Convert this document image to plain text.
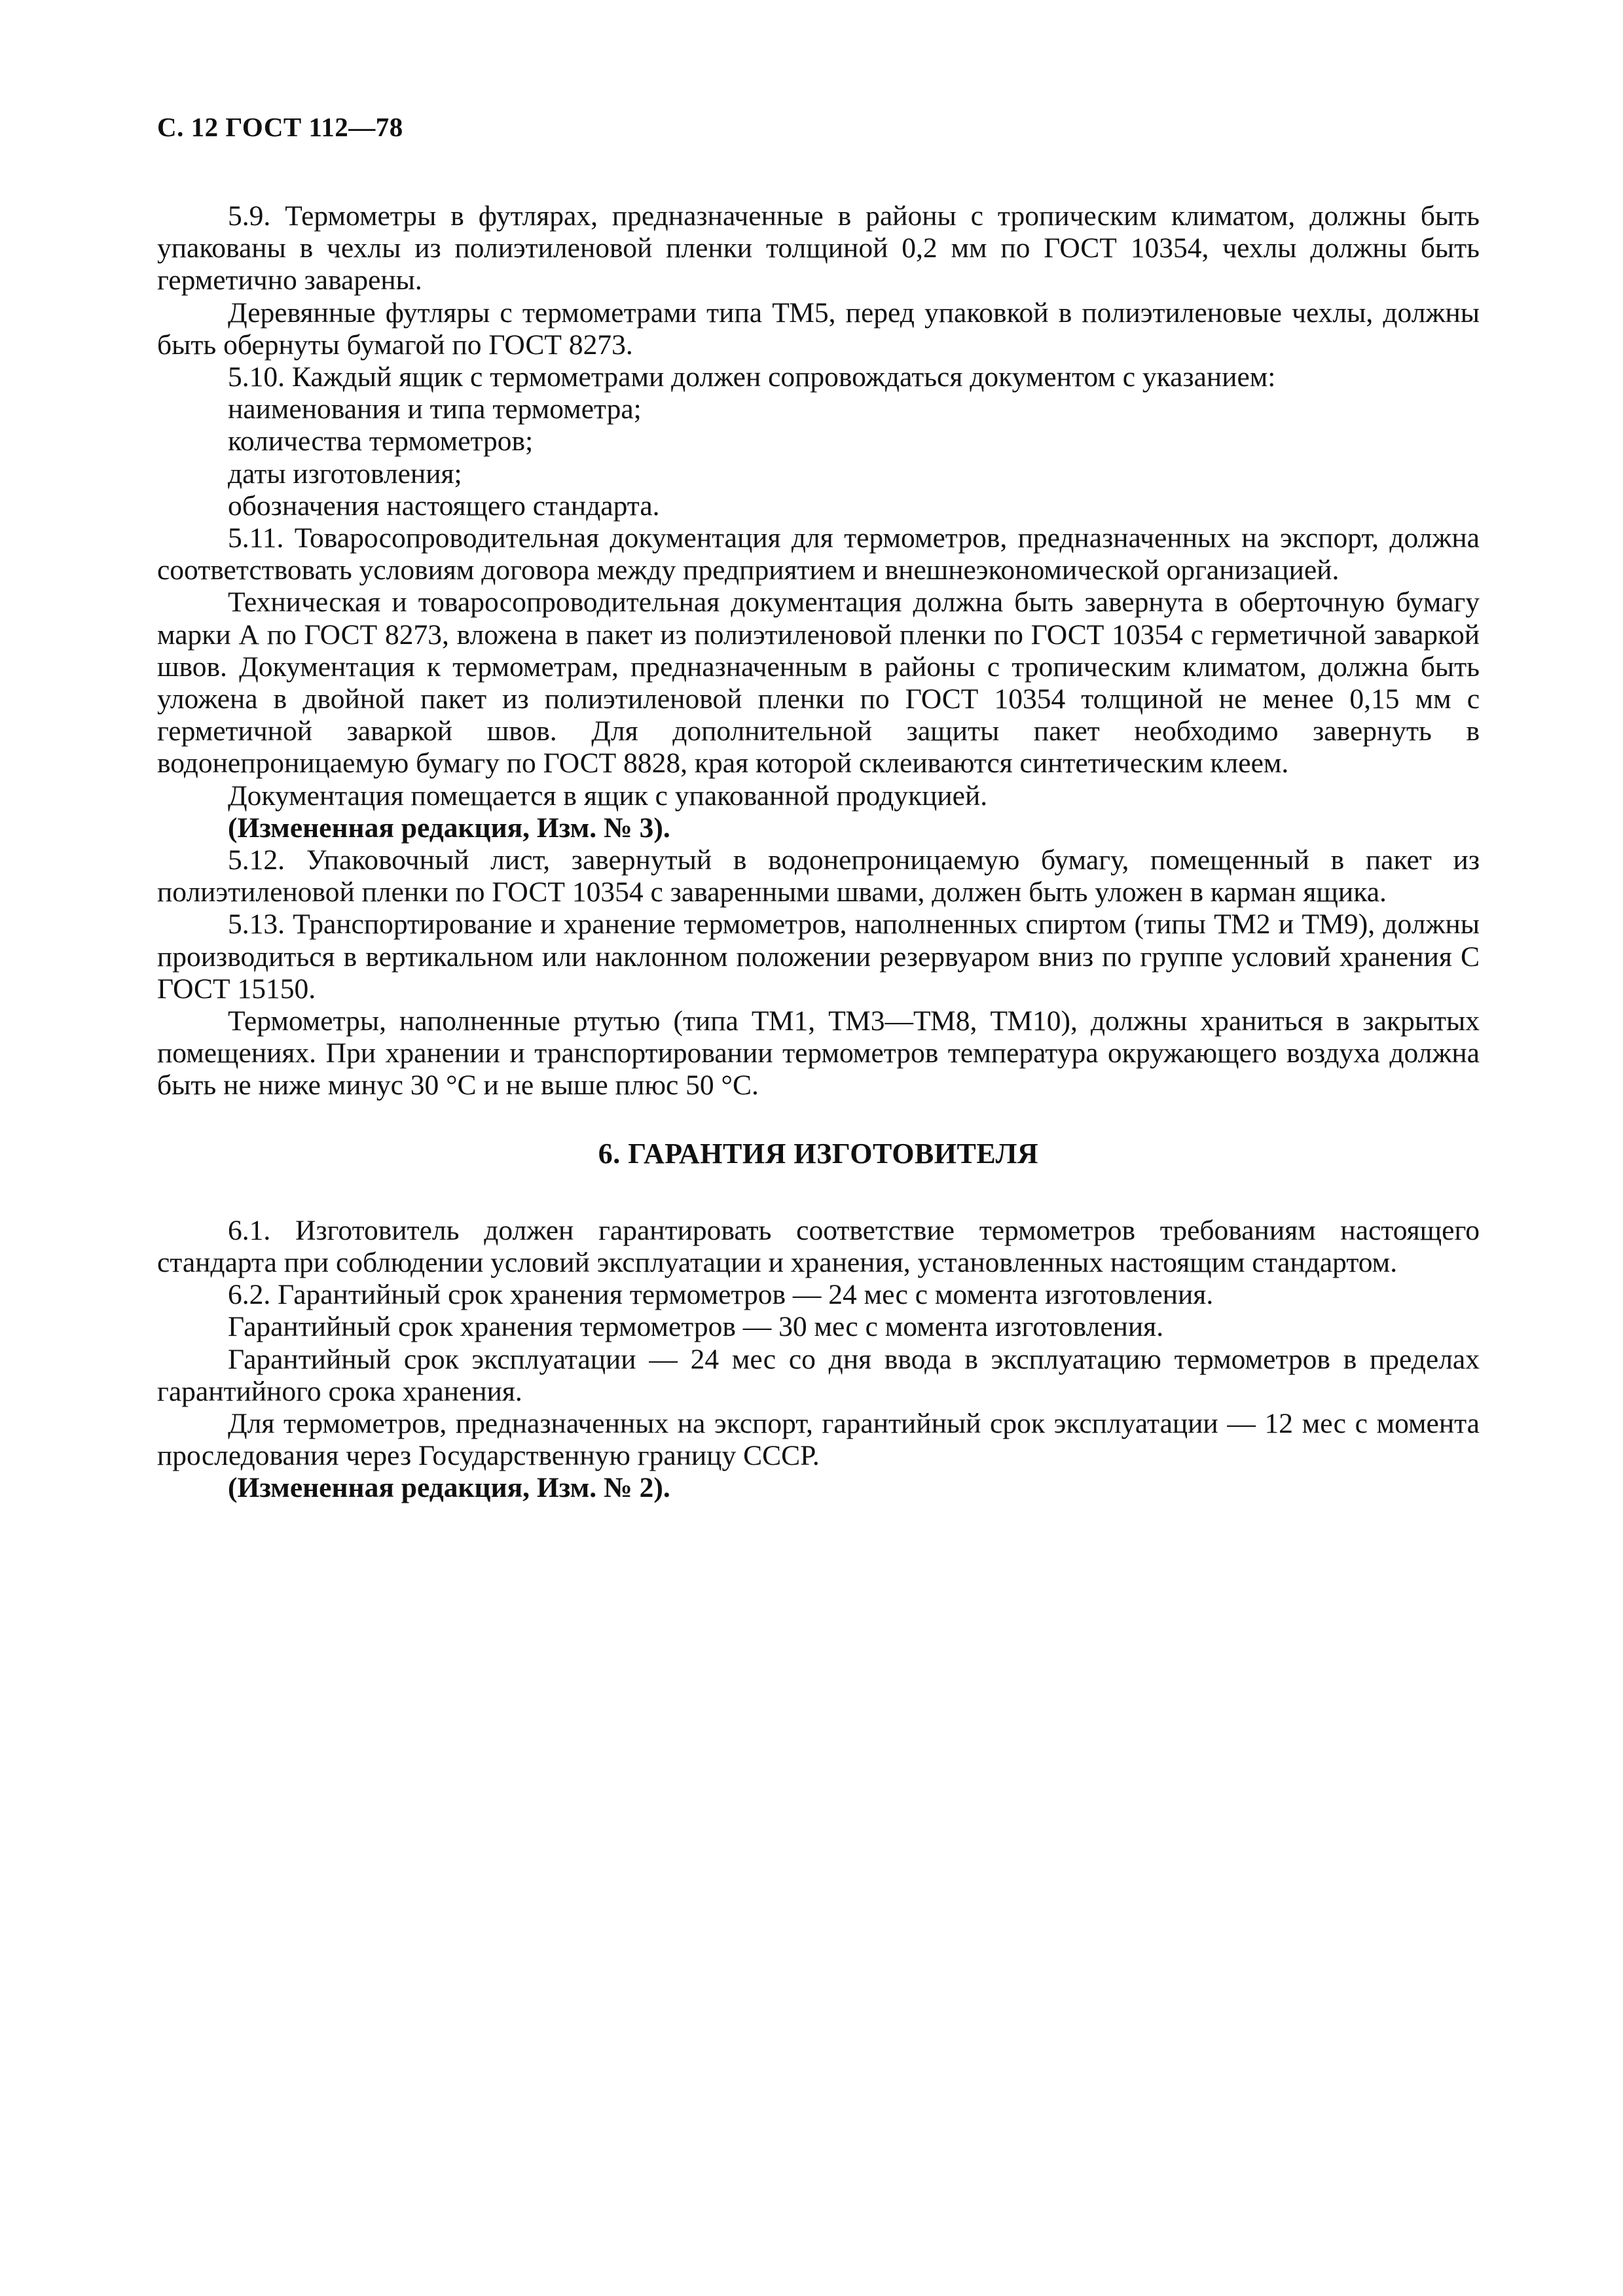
С. 12 ГОСТ 112—78

5.9. Термометры в футлярах, предназначенные в районы с тропическим климатом, должны быть упакованы в чехлы из полиэтиленовой пленки толщиной 0,2 мм по ГОСТ 10354, чехлы должны быть герметично заварены.

Деревянные футляры с термометрами типа ТМ5, перед упаковкой в полиэтиленовые чехлы, должны быть обернуты бумагой по ГОСТ 8273.

5.10. Каждый ящик с термометрами должен сопровождаться документом с указанием:

наименования и типа термометра;

количества термометров;

даты изготовления;

обозначения настоящего стандарта.

5.11. Товаросопроводительная документация для термометров, предназначенных на экспорт, должна соответствовать условиям договора между предприятием и внешнеэкономической организацией.

Техническая и товаросопроводительная документация должна быть завернута в оберточную бумагу марки А по ГОСТ 8273, вложена в пакет из полиэтиленовой пленки по ГОСТ 10354 с герметичной заваркой швов. Документация к термометрам, предназначенным в районы с тропическим климатом, должна быть уложена в двойной пакет из полиэтиленовой пленки по ГОСТ 10354 толщиной не менее 0,15 мм с герметичной заваркой швов. Для дополнительной защиты пакет необходимо завернуть в водонепроницаемую бумагу по ГОСТ 8828, края которой склеиваются синтетическим клеем.

Документация помещается в ящик с упакованной продукцией.

(Измененная редакция, Изм. № 3).

5.12. Упаковочный лист, завернутый в водонепроницаемую бумагу, помещенный в пакет из полиэтиленовой пленки по ГОСТ 10354 с заваренными швами, должен быть уложен в карман ящика.

5.13. Транспортирование и хранение термометров, наполненных спиртом (типы ТМ2 и ТМ9), должны производиться в вертикальном или наклонном положении резервуаром вниз по группе условий хранения С ГОСТ 15150.

Термометры, наполненные ртутью (типа ТМ1, ТМ3—ТМ8, ТМ10), должны храниться в закрытых помещениях. При хранении и транспортировании термометров температура окружающего воздуха должна быть не ниже минус 30 °С и не выше плюс 50 °С.

6. ГАРАНТИЯ ИЗГОТОВИТЕЛЯ

6.1. Изготовитель должен гарантировать соответствие термометров требованиям настоящего стандарта при соблюдении условий эксплуатации и хранения, установленных настоящим стандартом.

6.2. Гарантийный срок хранения термометров — 24 мес с момента изготовления.

Гарантийный срок хранения термометров — 30 мес с момента изготовления.

Гарантийный срок эксплуатации — 24 мес со дня ввода в эксплуатацию термометров в пределах гарантийного срока хранения.

Для термометров, предназначенных на экспорт, гарантийный срок эксплуатации — 12 мес с момента проследования через Государственную границу СССР.

(Измененная редакция, Изм. № 2).
